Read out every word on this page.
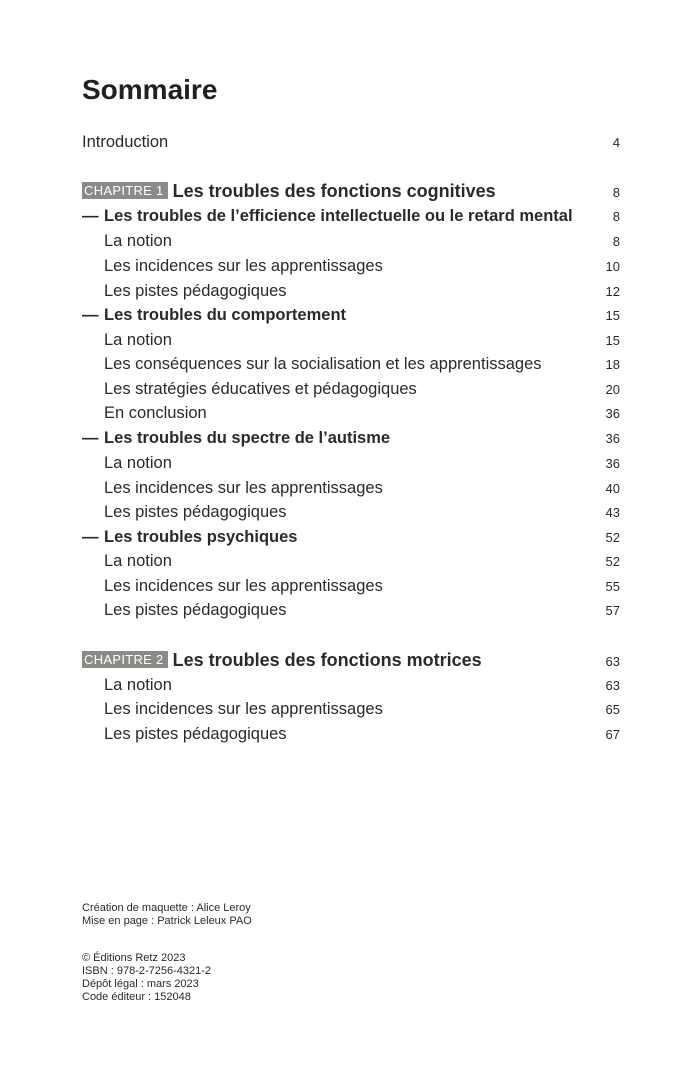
Sommaire
Introduction	4
CHAPITRE 1 Les troubles des fonctions cognitives	8
— Les troubles de l’efficience intellectuelle ou le retard mental	8
La notion	8
Les incidences sur les apprentissages	10
Les pistes pédagogiques	12
— Les troubles du comportement	15
La notion	15
Les conséquences sur la socialisation et les apprentissages	18
Les stratégies éducatives et pédagogiques	20
En conclusion	36
— Les troubles du spectre de l’autisme	36
La notion	36
Les incidences sur les apprentissages	40
Les pistes pédagogiques	43
— Les troubles psychiques	52
La notion	52
Les incidences sur les apprentissages	55
Les pistes pédagogiques	57
CHAPITRE 2 Les troubles des fonctions motrices	63
La notion	63
Les incidences sur les apprentissages	65
Les pistes pédagogiques	67
Création de maquette : Alice Leroy
Mise en page : Patrick Leleux PAO
© Éditions Retz 2023
ISBN : 978-2-7256-4321-2
Dépôt légal : mars 2023
Code éditeur : 152048
